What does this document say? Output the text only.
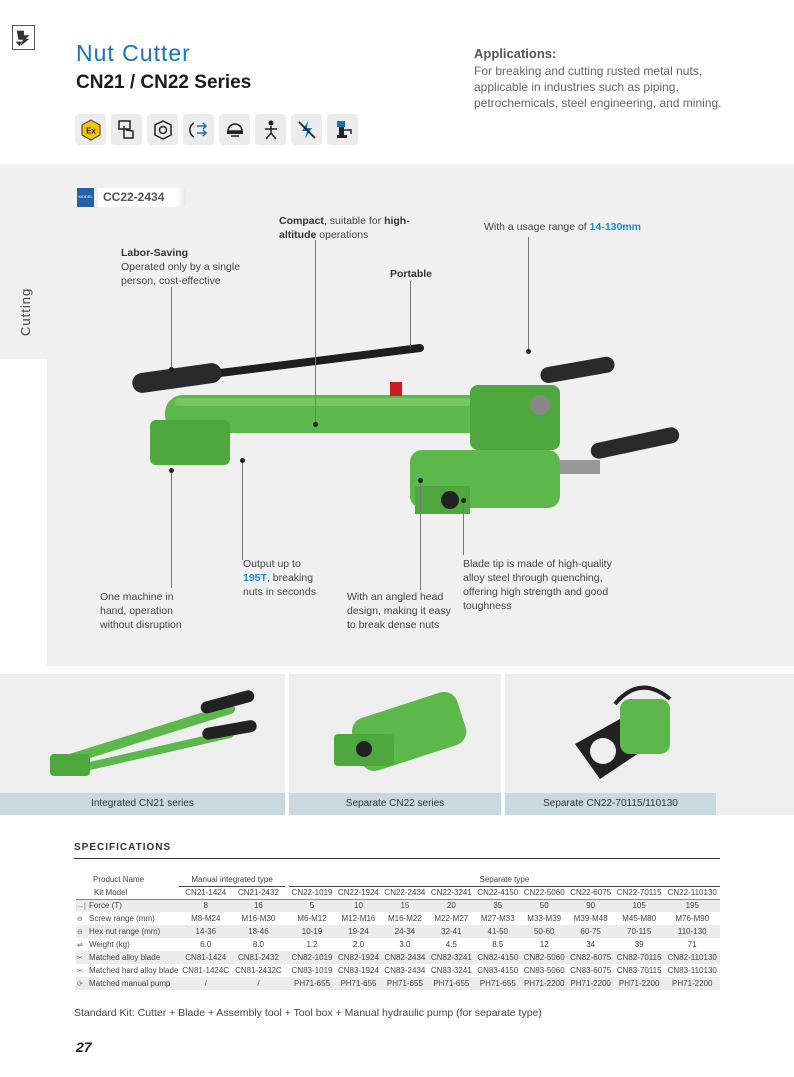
Nut Cutter
CN21 / CN22 Series
Ex
Applications:
For breaking and cutting rusted metal nuts, applicable in industries such as piping, petrochemicals, steel engineering, and mining.
Cutting
MODEL CC22-2434
Compact, suitable for high-altitude operations
With a usage range of 14-130mm
Labor-Saving
Operated only by a single person, cost-effective
Portable
Output up to 195T, breaking nuts in seconds
One machine in hand, operation without disruption
With an angled head design, making it easy to break dense nuts
Blade tip is made of high-quality alloy steel through quenching, offering high strength and good toughness
Integrated CN21 series	Separate CN22 series	Separate CN22-70115/110130
SPECIFICATIONS
Product Name	Manual integrated type			Separate type								
Kit Model	CN21-1424	CN21-2432		CN22-1019	CN22-1924	CN22-2434	CN22-3241	CN22-4150	CN22-5060	CN22-6075	CN22-70115	CN22-110130
→| Force (T)	8	16		5	10	15	20	35	50	90	105	195
⊖ Screw range (mm)	M8-M24	M16-M30		M6-M12	M12-M16	M16-M22	M22-M27	M27-M33	M33-M39	M39-M48	M45-M80	M76-M90
⊖ Hex nut range (mm)	14-36	18-46		10-19	19-24	24-34	32-41	41-50	50-60	60-75	70-115	110-130
⇌ Weight (kg)	6.0	8.0		1.2	2.0	3.0	4.5	8.5	12	34	39	71
✂ Matched alloy blade	CN81-1424	CN81-2432		CN82-1019	CN82-1924	CN82-2434	CN82-3241	CN82-4150	CN82-5060	CN82-6075	CN82-70115	CN82-110130
✂ Matched hard alloy blade	CN81-1424C	CN81-2432C		CN83-1019	CN83-1924	CN83-2434	CN83-3241	CN83-4150	CN83-5060	CN83-6075	CN83-70115	CN83-110130
⟳ Matched manual pump	/	/		PH71-655	PH71-655	PH71-655	PH71-655	PH71-655	PH71-2200	PH71-2200	PH71-2200	PH71-2200
Standard Kit: Cutter + Blade + Assembly tool + Tool box + Manual hydraulic pump (for separate type)
27
